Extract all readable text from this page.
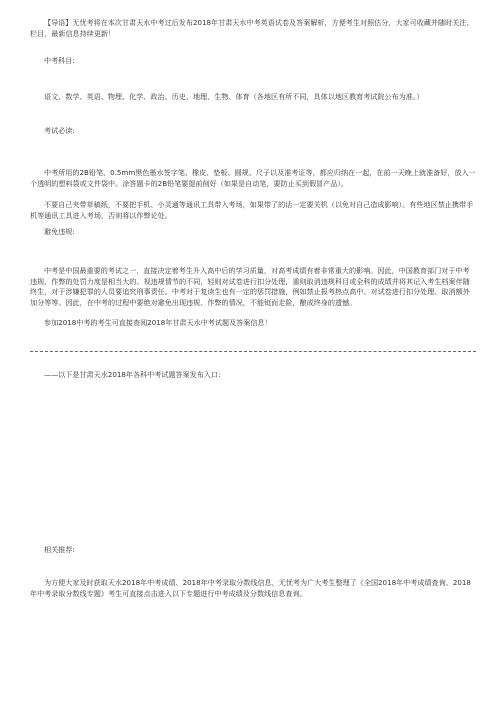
【导语】无忧考将在本次甘肃天水中考过后发布2018年甘肃天水中考英语试卷及答案解析，方便考生对照估分，大家可收藏并随时关注、栏目，最新信息持续更新！

中考科目:

语文、数学、英语、物理、化学、政治、历史、地理、生物、体育（各地区有所不同，具体以地区教育考试院公布为准。）

考试必读:

中考所用的2B铅笔、0.5mm黑色墨水签字笔、橡皮、垫板、圆规、尺子以及准考证等，都应归纳在一起，在前一天晚上就准备好，放入一个透明的塑料袋或文件袋中。涂答题卡的2B铅笔要提前削好（如果是自动笔，要防止买到假冒产品）。

不要自己夹带草稿纸，不要把手机、小灵通等通讯工具带入考场，如果带了的话一定要关机（以免对自己造成影响）。有些地区禁止携带手机等通讯工具进入考场，否则将以作弊论处。

避免违规:

中考是中国最重要的考试之一，直接决定着考生升入高中后的学习质量，对高考成绩有着非常重大的影响。因此，中国教育部门对于中考违规、作弊的处罚力度是相当大的。视违规情节的不同，轻则对试卷进行扣分处理，重则取消违规科目或全科的成绩并将其记入考生档案伴随终生，对于涉嫌犯罪的人员要追究刑事责任。中考对于复读生也有一定的惩罚措施，例如禁止报考热点高中、对试卷进行扣分处理、取消额外加分等等。因此，在中考的过程中要绝对避免出现违规、作弊的情况，不能铤而走险，酿成终身的遗憾。

参加2018中考的考生可直接查阅2018年甘肃天水中考试题及答案信息！

——以下是甘肃天水2018年各科中考试题答案发布入口:

相关推荐:

为方便大家及时获取天水2018年中考成绩、2018年中考录取分数线信息，无忧考为广大考生整理了《全国2018年中考成绩查询、2018年中考录取分数线专题》考生可直接点击进入以下专题进行中考成绩及分数线信息查询。
